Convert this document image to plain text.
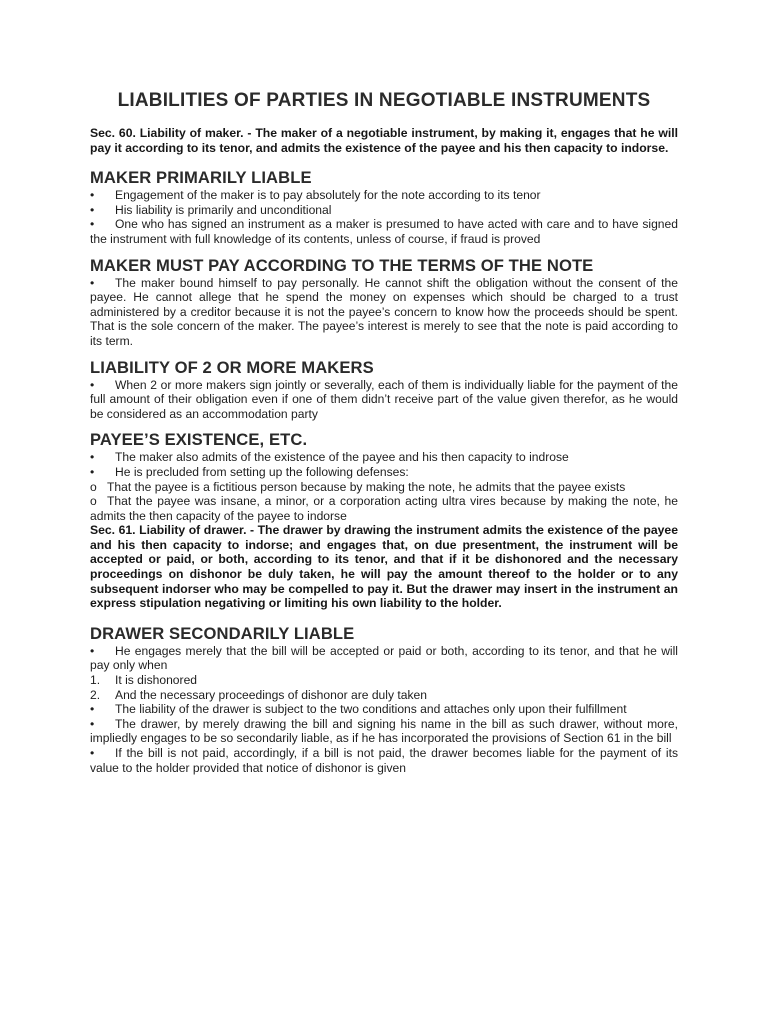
LIABILITIES OF PARTIES IN NEGOTIABLE INSTRUMENTS

Sec. 60. Liability of maker. - The maker of a negotiable instrument, by making it, engages that he will pay it according to its tenor, and admits the existence of the payee and his then capacity to indorse.

MAKER PRIMARILY LIABLE
• Engagement of the maker is to pay absolutely for the note according to its tenor
• His liability is primarily and unconditional
• One who has signed an instrument as a maker is presumed to have acted with care and to have signed the instrument with full knowledge of its contents, unless of course, if fraud is proved
MAKER MUST PAY ACCORDING TO THE TERMS OF THE NOTE
• The maker bound himself to pay personally. He cannot shift the obligation without the consent of the payee. He cannot allege that he spend the money on expenses which should be charged to a trust administered by a creditor because it is not the payee’s concern to know how the proceeds should be spent. That is the sole concern of the maker. The payee’s interest is merely to see that the note is paid according to its term.
LIABILITY OF 2 OR MORE MAKERS
• When 2 or more makers sign jointly or severally, each of them is individually liable for the payment of the full amount of their obligation even if one of them didn’t receive part of the value given therefor, as he would be considered as an accommodation party
PAYEE’S EXISTENCE, ETC.
• The maker also admits of the existence of the payee and his then capacity to indrose
• He is precluded from setting up the following defenses:
o That the payee is a fictitious person because by making the note, he admits that the payee exists
o That the payee was insane, a minor, or a corporation acting ultra vires because by making the note, he admits the then capacity of the payee to indorse

Sec. 61. Liability of drawer. - The drawer by drawing the instrument admits the existence of the payee and his then capacity to indorse; and engages that, on due presentment, the instrument will be accepted or paid, or both, according to its tenor, and that if it be dishonored and the necessary proceedings on dishonor be duly taken, he will pay the amount thereof to the holder or to any subsequent indorser who may be compelled to pay it. But the drawer may insert in the instrument an express stipulation negativing or limiting his own liability to the holder.

DRAWER SECONDARILY LIABLE
• He engages merely that the bill will be accepted or paid or both, according to its tenor, and that he will pay only when
1. It is dishonored
2. And the necessary proceedings of dishonor are duly taken
• The liability of the drawer is subject to the two conditions and attaches only upon their fulfillment
• The drawer, by merely drawing the bill and signing his name in the bill as such drawer, without more, impliedly engages to be so secondarily liable, as if he has incorporated the provisions of Section 61 in the bill
• If the bill is not paid, accordingly, if a bill is not paid, the drawer becomes liable for the payment of its value to the holder provided that notice of dishonor is given
